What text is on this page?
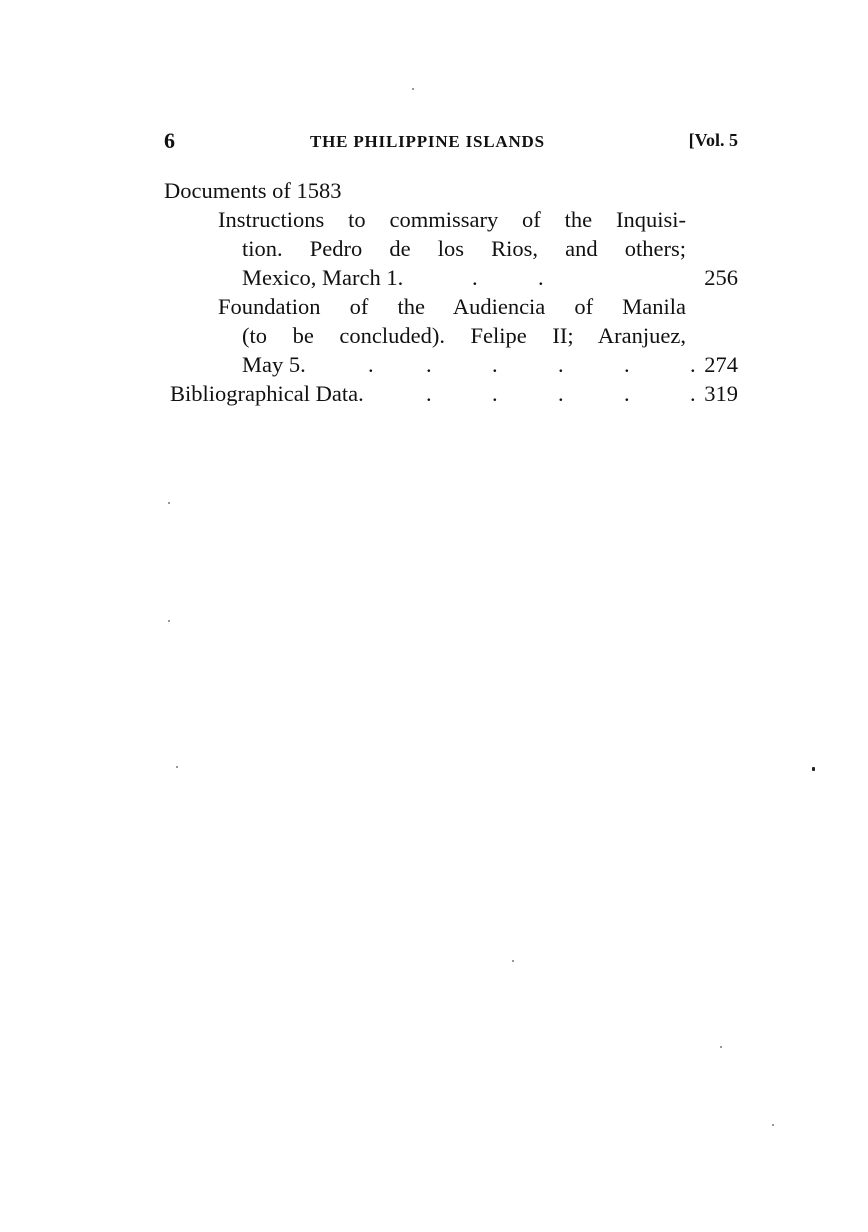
6	THE PHILIPPINE ISLANDS	[Vol. 5
Documents of 1583
Instructions to commissary of the Inquisi-
tion. Pedro de los Rios, and others;
Mexico, March 1.	.	.	256
Foundation of the Audiencia of Manila
(to be concluded). Felipe II; Aranjuez,
May 5.	. .	.	.	.	. 274
Bibliographical Data.	.	.	.	.	. 319
